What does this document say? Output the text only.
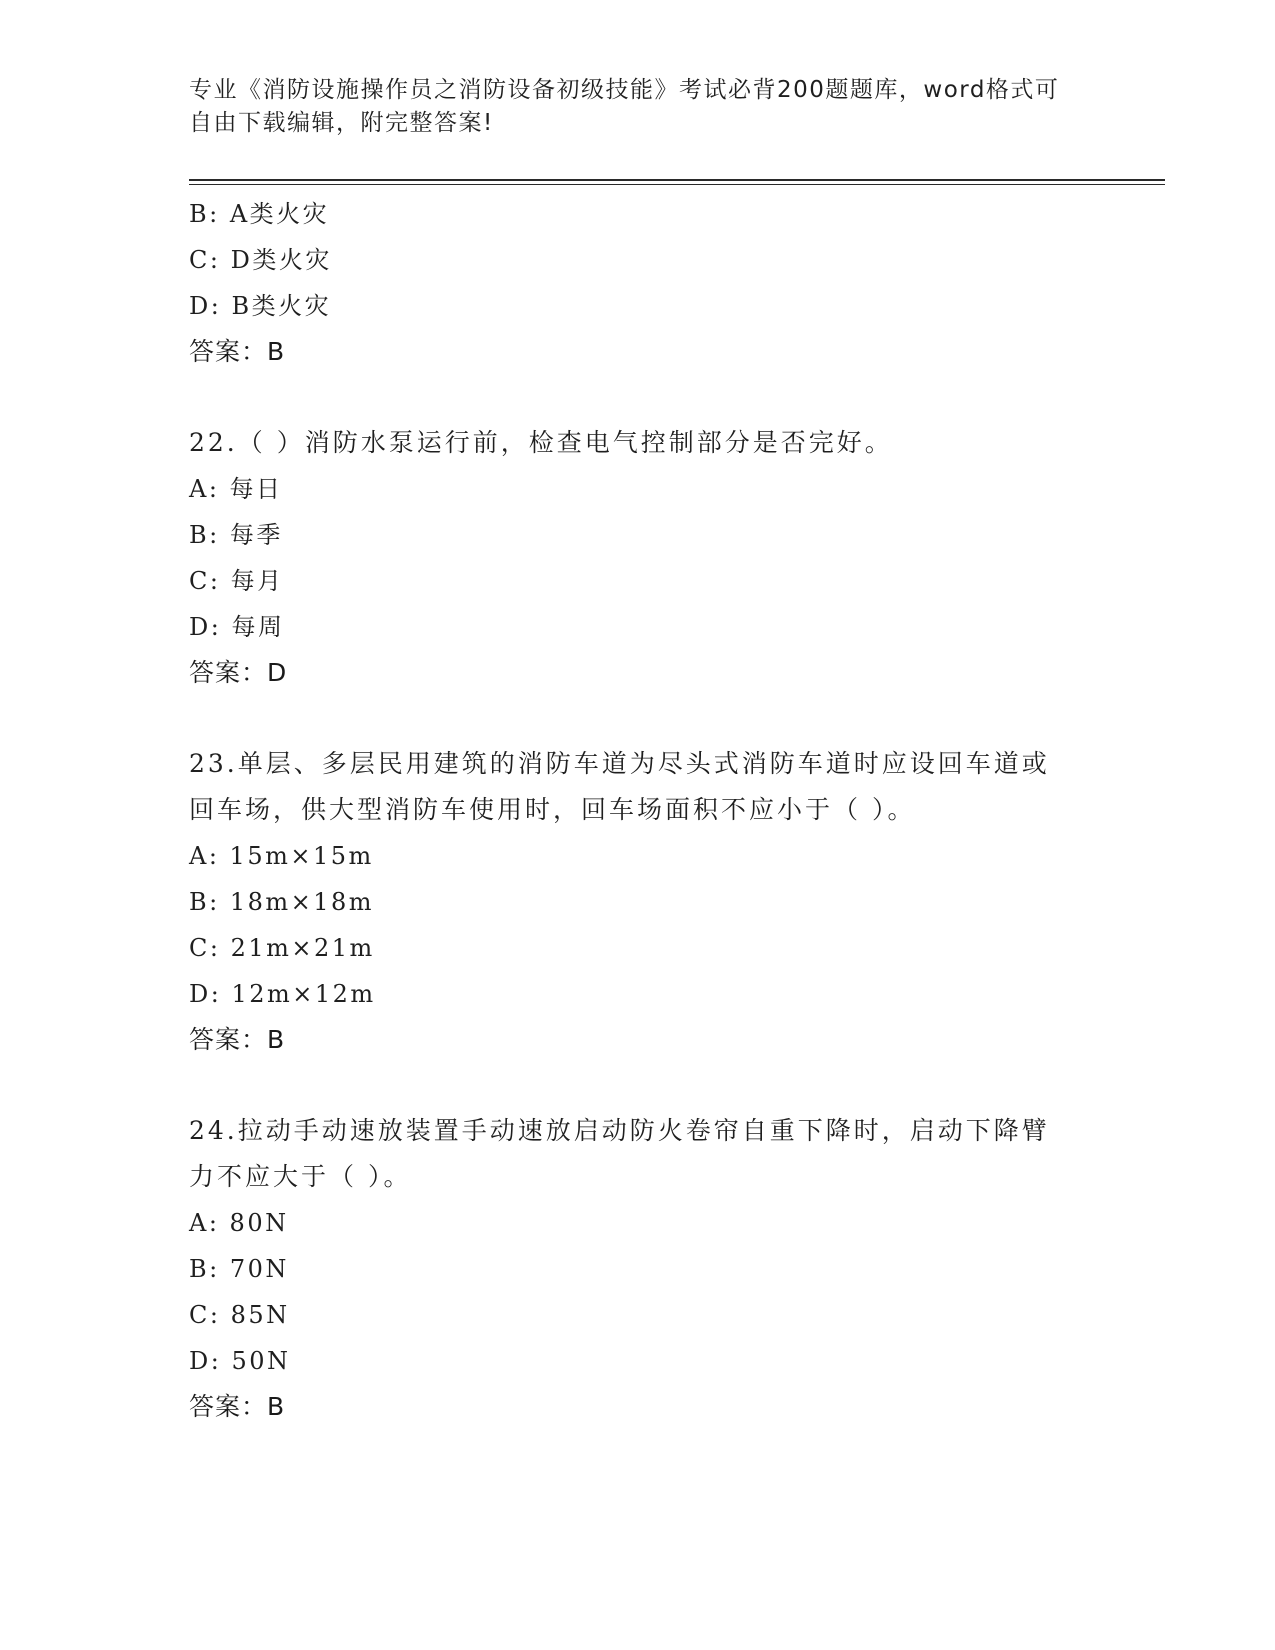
专业《消防设施操作员之消防设备初级技能》考试必背200题题库，word格式可
自由下载编辑，附完整答案!
B: A类火灾
C: D类火灾
D: B类火灾
答案：B
22.（ ）消防水泵运行前，检查电气控制部分是否完好。
A: 每日
B: 每季
C: 每月
D: 每周
答案：D
23.单层、多层民用建筑的消防车道为尽头式消防车道时应设回车道或
回车场，供大型消防车使用时，回车场面积不应小于（ ）。
A: 15m×15m
B: 18m×18m
C: 21m×21m
D: 12m×12m
答案：B
24.拉动手动速放装置手动速放启动防火卷帘自重下降时，启动下降臂
力不应大于（ ）。
A: 80N
B: 70N
C: 85N
D: 50N
答案：B
